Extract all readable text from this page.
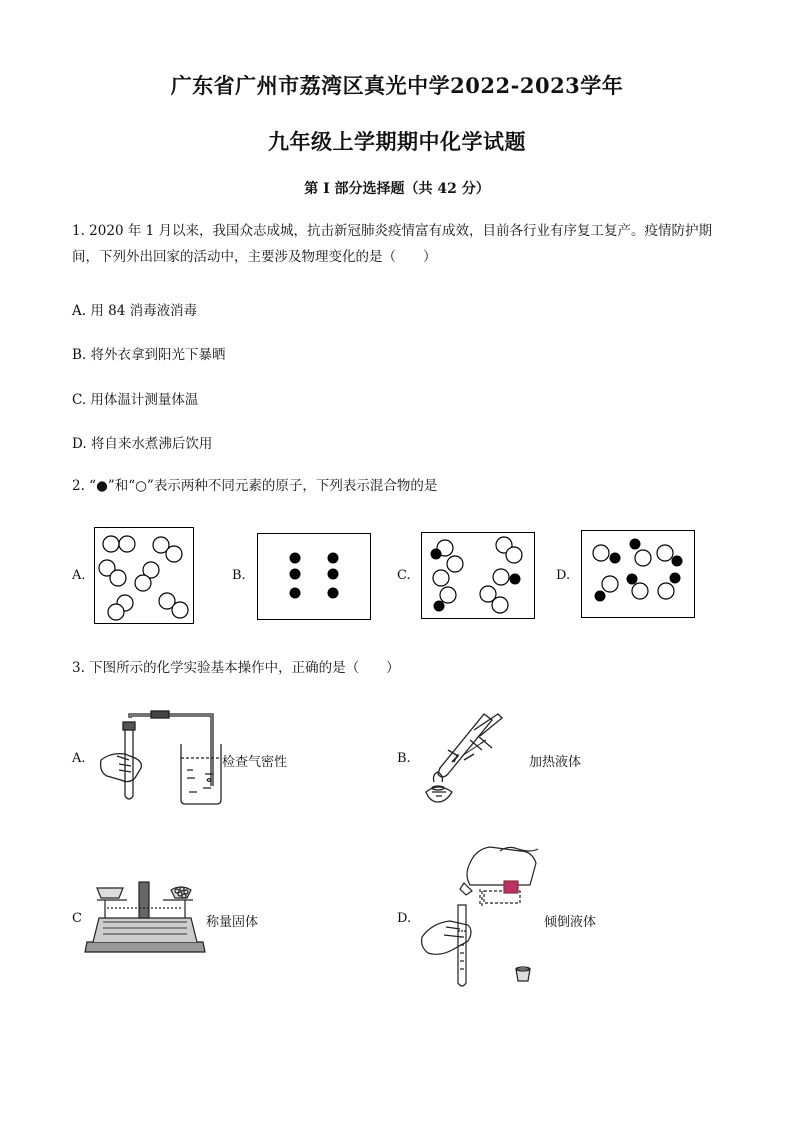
广东省广州市荔湾区真光中学2022-2023学年
九年级上学期期中化学试题
第 I 部分选择题（共 42 分）
1. 2020 年 1 月以来，我国众志成城，抗击新冠肺炎疫情富有成效，目前各行业有序复工复产。疫情防护期
间，下列外出回家的活动中，主要涉及物理变化的是（　　）
A. 用 84 消毒液消毒
B. 将外衣拿到阳光下暴晒
C. 用体温计测量体温
D. 将自来水煮沸后饮用
2. “●”和“○”表示两种不同元素的原子，下列表示混合物的是
A.	B.	C.	D.
3. 下图所示的化学实验基本操作中，正确的是（　　）
A.	检查气密性	B.	加热液体
C	称量固体	D.	倾倒液体
